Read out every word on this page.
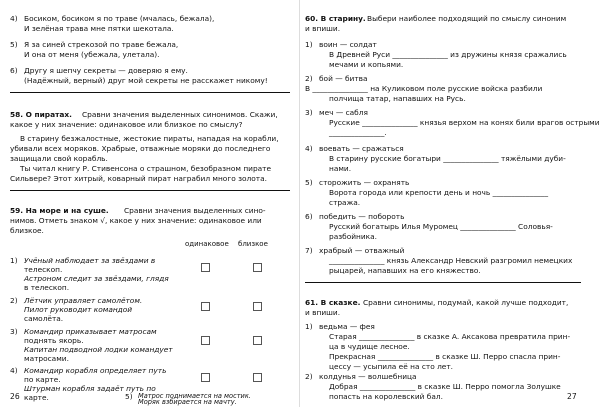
4) Босиком, босиком я по траве (мчалась, бежала),
И зелёная трава мне пятки шекотала.
5) Я за синей стрекозой по траве бежала,
И она от меня (убежала, улетала).
6) Другу я шепчу секреты — доверяю я ему.
(Надёжный, верный) друг мой секреты не расскажет никому!
58. О пиратах. Сравни значения выделенных синонимов. Скажи,
какое у них значение: одинаковое или близкое по смыслу?
В старину безжалостные, жестокие пираты, нападая на корабли,
убивали всех моряков. Храбрые, отважные моряки до последнего
защищали свой корабль.
Ты читал книгу Р. Стивенсона о страшном, безобразном пирате
Сильвере? Этот хитрый, коварный пират награбил много золота.
59. На море и на суше. Сравни значения выделенных сино-
нимов. Отметь знаком √, какое у них значение: одинаковое или
близкое.
одинаковое близкое
1) Учёный наблюдает за звёздами в
телескоп.
Астроном следит за звёздами, глядя
в телескоп.
2) Лётчик управляет самолётом.
Пилот руководит командой
самолёта.
3) Командир приказывает матросам
поднять якорь.
Капитан подводной лодки командует
матросами.
4) Командир корабля определяет путь
по карте.
Штурман корабля задаёт путь по
карте.
26
60. В старину. Выбери наиболее подходящий по смыслу синоним
и впиши.
1) воин — солдат
В Древней Руси _______________ из дружины князя сражались
мечами и копьями.
2) бой — битва
В _______________ на Куликовом поле русские войска разбили
полчища татар, напавших на Русь.
3) меч — сабля
Русские _______________ князья верхом на конях били врагов острыми
_______________.
4) воевать — сражаться
В старину русские богатыри _______________ тяжёлыми дуби-
нами.
5) сторожить — охранять
Ворота города или крепости день и ночь _______________
стража.
6) победить — побороть
Русский богатырь Илья Муромец _______________ Соловья-
разбойника.
7) храбрый — отважный
_______________ князь Александр Невский разгромил немецких
рыцарей, напавших на его княжество.
61. В сказке. Сравни синонимы, подумай, какой лучше подходит,
и впиши.
1) ведьма — фея
Старая _______________ в сказке А. Аксакова превратила прин-
ца в чудище лесное.
Прекрасная _______________ в сказке Ш. Перро спасла прин-
цессу — усыпила её на сто лет.
2) колдунья — волшебница
Добрая _______________ в сказке Ш. Перро помогла Золушке
попасть на королевский бал.	27
5) Матрос поднимается на мостик.
Моряк взбирается на мачту.
